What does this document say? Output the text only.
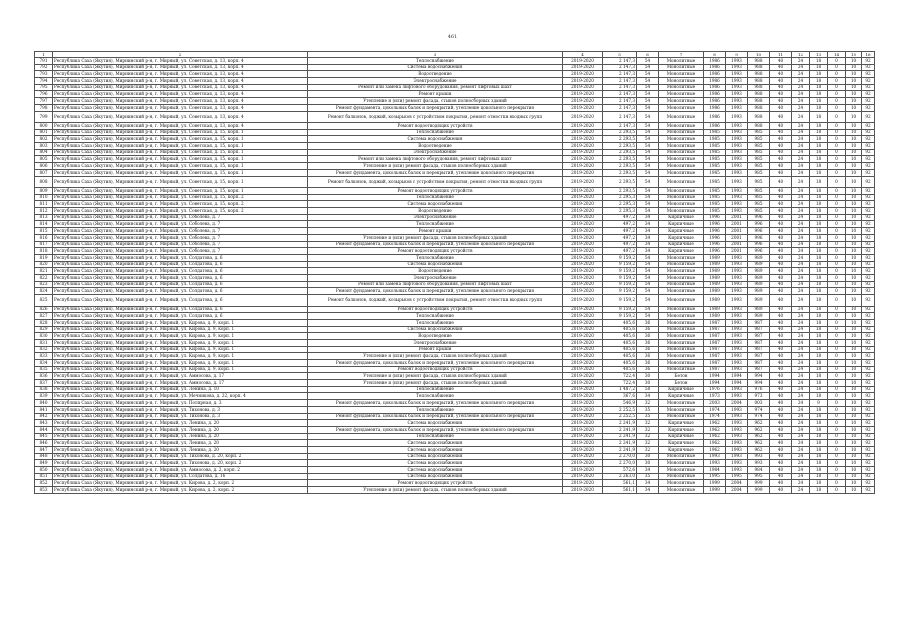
461
1	2	3	4	5	6	7	8	9	10	11	12	13	14	15	16
791	Республика Саха (Якутия), Мирнинский р-н, г. Мирный, ул. Советская, д. 13, корп. 4	Теплоснабжение	2019-2020	2 147,3	54	Монолитные	1986	1993	988	40	24	18	0	10	92
792	Республика Саха (Якутия), Мирнинский р-н, г. Мирный, ул. Советская, д. 13, корп. 4	Система водоснабжения	2019-2020	2 147,3	54	Монолитные	1986	1993	988	40	24	18	0	10	92
793	Республика Саха (Якутия), Мирнинский р-н, г. Мирный, ул. Советская, д. 13, корп. 4	Водоотведение	2019-2020	2 147,3	54	Монолитные	1986	1993	988	40	24	18	0	10	92
794	Республика Саха (Якутия), Мирнинский р-н, г. Мирный, ул. Советская, д. 13, корп. 4	Электроснабжение	2019-2020	2 147,3	54	Монолитные	1986	1993	988	40	24	18	0	10	92
795	Республика Саха (Якутия), Мирнинский р-н, г. Мирный, ул. Советская, д. 13, корп. 4	Ремонт или замена лифтового оборудования, ремонт лифтовых шахт	2019-2020	2 147,3	54	Монолитные	1986	1993	988	40	24	18	0	10	92
796	Республика Саха (Якутия), Мирнинский р-н, г. Мирный, ул. Советская, д. 13, корп. 4	Ремонт крыши	2019-2020	2 147,3	54	Монолитные	1986	1993	988	40	24	18	0	10	92
797	Республика Саха (Якутия), Мирнинский р-н, г. Мирный, ул. Советская, д. 13, корп. 4	Утепление и (или) ремонт фасада, стыков полносборных зданий	2019-2020	2 147,3	54	Монолитные	1986	1993	988	40	24	18	0	10	92
798	Республика Саха (Якутия), Мирнинский р-н, г. Мирный, ул. Советская, д. 13, корп. 4	Ремонт фундамента, цокольных балок и перекрытий, утепление цокольного перекрытия	2019-2020	2 147,3	54	Монолитные	1986	1993	988	40	24	18	0	10	92
799	Республика Саха (Якутия), Мирнинский р-н, г. Мирный, ул. Советская, д. 13, корп. 4	Ремонт балконов, лоджий, козырьков с устройством покрытия, ремонт отмостки входных групп	2019-2020	2 147,3	54	Монолитные	1986	1993	988	40	24	18	0	10	92
800	Республика Саха (Якутия), Мирнинский р-н, г. Мирный, ул. Советская, д. 13, корп. 4	Ремонт водоотводящих устройств	2019-2020	2 147,3	54	Монолитные	1986	1993	988	40	24	18	0	10	92
801	Республика Саха (Якутия), Мирнинский р-н, г. Мирный, ул. Советская, д. 15, корп. 1	Теплоснабжение	2019-2020	2 293,5	54	Монолитные	1985	1993	985	40	24	18	0	10	92
802	Республика Саха (Якутия), Мирнинский р-н, г. Мирный, ул. Советская, д. 15, корп. 1	Система водоснабжения	2019-2020	2 293,5	54	Монолитные	1985	1993	985	40	24	18	0	10	92
803	Республика Саха (Якутия), Мирнинский р-н, г. Мирный, ул. Советская, д. 15, корп. 1	Водоотведение	2019-2020	2 293,5	54	Монолитные	1985	1993	985	40	24	18	0	10	92
804	Республика Саха (Якутия), Мирнинский р-н, г. Мирный, ул. Советская, д. 15, корп. 1	Электроснабжение	2019-2020	2 293,5	54	Монолитные	1985	1993	985	40	24	18	0	10	92
805	Республика Саха (Якутия), Мирнинский р-н, г. Мирный, ул. Советская, д. 15, корп. 1	Ремонт или замена лифтового оборудования, ремонт лифтовых шахт	2019-2020	2 293,5	54	Монолитные	1985	1993	985	40	24	18	0	10	92
806	Республика Саха (Якутия), Мирнинский р-н, г. Мирный, ул. Советская, д. 15, корп. 1	Утепление и (или) ремонт фасада, стыков полносборных зданий	2019-2020	2 293,5	54	Монолитные	1985	1993	985	40	24	18	0	10	92
807	Республика Саха (Якутия), Мирнинский р-н, г. Мирный, ул. Советская, д. 15, корп. 1	Ремонт фундамента, цокольных балок и перекрытий, утепление цокольного перекрытия	2019-2020	2 293,5	54	Монолитные	1985	1993	985	40	24	18	0	10	92
808	Республика Саха (Якутия), Мирнинский р-н, г. Мирный, ул. Советская, д. 15, корп. 1	Ремонт балконов, лоджий, козырьков с устройством покрытия, ремонт отмостки входных групп	2019-2020	2 293,5	54	Монолитные	1985	1993	985	40	24	18	0	10	92
809	Республика Саха (Якутия), Мирнинский р-н, г. Мирный, ул. Советская, д. 15, корп. 1	Ремонт водоотводящих устройств	2019-2020	2 293,5	54	Монолитные	1985	1993	985	40	24	18	0	10	92
810	Республика Саха (Якутия), Мирнинский р-н, г. Мирный, ул. Советская, д. 15, корп. 2	Теплоснабжение	2019-2020	2 295,3	54	Монолитные	1985	1993	985	40	24	18	0	10	92
811	Республика Саха (Якутия), Мирнинский р-н, г. Мирный, ул. Советская, д. 15, корп. 2	Система водоснабжения	2019-2020	2 295,3	54	Монолитные	1985	1993	985	40	24	18	0	10	92
812	Республика Саха (Якутия), Мирнинский р-н, г. Мирный, ул. Советская, д. 15, корп. 2	Водоотведение	2019-2020	2 295,3	54	Монолитные	1985	1993	985	40	24	18	0	10	92
813	Республика Саха (Якутия), Мирнинский р-н, г. Мирный, ул. Соболева, д. 7	Электроснабжение	2019-2020	497,2	34	Кирпичные	1996	2001	996	40	24	18	0	10	92
814	Республика Саха (Якутия), Мирнинский р-н, г. Мирный, ул. Соболева, д. 7	Теплоснабжение	2019-2020	497,2	34	Кирпичные	1996	2001	996	40	24	18	0	10	92
815	Республика Саха (Якутия), Мирнинский р-н, г. Мирный, ул. Соболева, д. 7	Ремонт крыши	2019-2020	497,2	34	Кирпичные	1996	2001	996	40	24	18	0	10	92
816	Республика Саха (Якутия), Мирнинский р-н, г. Мирный, ул. Соболева, д. 7	Утепление и (или) ремонт фасада, стыков полносборных зданий	2019-2020	497,2	34	Кирпичные	1996	2001	996	40	24	18	0	10	92
817	Республика Саха (Якутия), Мирнинский р-н, г. Мирный, ул. Соболева, д. 7	Ремонт фундамента, цокольных балок и перекрытий, утепление цокольного перекрытия	2019-2020	497,2	34	Кирпичные	1996	2001	996	40	24	18	0	10	92
818	Республика Саха (Якутия), Мирнинский р-н, г. Мирный, ул. Соболева, д. 7	Ремонт водоотводящих устройств	2019-2020	497,2	34	Кирпичные	1996	2001	996	40	24	18	0	10	92
819	Республика Саха (Якутия), Мирнинский р-н, г. Мирный, ул. Солдатова, д. 6	Теплоснабжение	2019-2020	9 159,2	54	Монолитные	1989	1993	989	40	24	18	0	10	92
820	Республика Саха (Якутия), Мирнинский р-н, г. Мирный, ул. Солдатова, д. 6	Система водоснабжения	2019-2020	9 159,2	54	Монолитные	1989	1993	989	40	24	18	0	10	92
821	Республика Саха (Якутия), Мирнинский р-н, г. Мирный, ул. Солдатова, д. 6	Водоотведение	2019-2020	9 159,2	54	Монолитные	1989	1993	989	40	24	18	0	10	92
822	Республика Саха (Якутия), Мирнинский р-н, г. Мирный, ул. Солдатова, д. 6	Электроснабжение	2019-2020	9 159,2	54	Монолитные	1989	1993	989	40	24	18	0	10	92
823	Республика Саха (Якутия), Мирнинский р-н, г. Мирный, ул. Солдатова, д. 6	Ремонт или замена лифтового оборудования, ремонт лифтовых шахт	2019-2020	9 159,2	54	Монолитные	1989	1993	989	40	24	18	0	10	92
824	Республика Саха (Якутия), Мирнинский р-н, г. Мирный, ул. Солдатова, д. 6	Ремонт фундамента, цокольных балок и перекрытий, утепление цокольного перекрытия	2019-2020	9 159,2	54	Монолитные	1989	1993	989	40	24	18	0	10	92
825	Республика Саха (Якутия), Мирнинский р-н, г. Мирный, ул. Солдатова, д. 6	Ремонт балконов, лоджий, козырьков с устройством покрытия, ремонт отмостки входных групп	2019-2020	9 159,2	54	Монолитные	1989	1993	989	40	24	18	0	10	92
826	Республика Саха (Якутия), Мирнинский р-н, г. Мирный, ул. Солдатова, д. 6	Ремонт водоотводящих устройств	2019-2020	9 159,2	54	Монолитные	1989	1993	989	40	24	18	0	10	92
827	Республика Саха (Якутия), Мирнинский р-н, г. Мирный, ул. Солдатова, д. 6	Теплоснабжение	2019-2020	9 159,2	54	Монолитные	1989	1993	989	40	24	18	0	10	92
828	Республика Саха (Якутия), Мирнинский р-н, г. Мирный, ул. Кирова, д. 9, корп. 1	Теплоснабжение	2019-2020	405,6	36	Монолитные	1987	1993	987	40	24	18	0	10	92
829	Республика Саха (Якутия), Мирнинский р-н, г. Мирный, ул. Кирова, д. 9, корп. 1	Система водоснабжения	2019-2020	405,6	36	Монолитные	1987	1993	987	40	24	18	0	10	92
830	Республика Саха (Якутия), Мирнинский р-н, г. Мирный, ул. Кирова, д. 9, корп. 1	Водоотведение	2019-2020	405,6	36	Монолитные	1987	1993	987	40	24	18	0	10	92
831	Республика Саха (Якутия), Мирнинский р-н, г. Мирный, ул. Кирова, д. 9, корп. 1	Электроснабжение	2019-2020	405,6	36	Монолитные	1987	1993	987	40	24	18	0	10	92
832	Республика Саха (Якутия), Мирнинский р-н, г. Мирный, ул. Кирова, д. 9, корп. 1	Ремонт крыши	2019-2020	405,6	36	Монолитные	1987	1993	987	40	24	18	0	10	92
833	Республика Саха (Якутия), Мирнинский р-н, г. Мирный, ул. Кирова, д. 9, корп. 1	Утепление и (или) ремонт фасада, стыков полносборных зданий	2019-2020	405,6	36	Монолитные	1987	1993	987	40	24	18	0	10	92
834	Республика Саха (Якутия), Мирнинский р-н, г. Мирный, ул. Кирова, д. 9, корп. 1	Ремонт фундамента, цокольных балок и перекрытий, утепление цокольного перекрытия	2019-2020	405,6	36	Монолитные	1987	1993	987	40	24	18	0	10	92
835	Республика Саха (Якутия), Мирнинский р-н, г. Мирный, ул. Кирова, д. 9, корп. 1	Ремонт водоотводящих устройств	2019-2020	405,6	36	Монолитные	1987	1993	987	40	24	18	0	10	92
836	Республика Саха (Якутия), Мирнинский р-н, г. Мирный, ул. Аммосова, д. 17	Утепление и (или) ремонт фасада, стыков полносборных зданий	2019-2020	722,4	30	Бетон	1994	1994	994	40	24	18	0	10	92
837	Республика Саха (Якутия), Мирнинский р-н, г. Мирный, ул. Аммосова, д. 17	Утепление и (или) ремонт фасада, стыков полносборных зданий	2019-2020	722,4	30	Бетон	1994	1994	994	40	24	18	0	10	92
838	Республика Саха (Якутия), Мирнинский р-н, г. Мирный, ул. Ленина, д. 10	Теплоснабжение	2019-2020	1 487,2	58	Кирпичные	1976	1993	976	40	24	18	0	10	92
839	Республика Саха (Якутия), Мирнинский р-н, г. Мирный, ул. Мечникова, д. 22, корп. 4	Теплоснабжение	2019-2020	367,6	34	Кирпичные	1973	1993	973	40	24	18	0	10	92
840	Республика Саха (Якутия), Мирнинский р-н, г. Мирный, ул. Полярная, д. 3	Ремонт фундамента, цокольных балок и перекрытий, утепление цокольного перекрытия	2019-2020	546,9	32	Монолитные	2003	2004	003	40	24	9	0	10	92
841	Республика Саха (Якутия), Мирнинский р-н, г. Мирный, ул. Тихонова, д. 3	Теплоснабжение	2019-2020	2 252,5	35	Монолитные	1974	1993	974	40	24	18	0	10	92
842	Республика Саха (Якутия), Мирнинский р-н, г. Мирный, ул. Тихонова, д. 3	Ремонт фундамента, цокольных балок и перекрытий, утепление цокольного перекрытия	2019-2020	2 252,5	35	Монолитные	1974	1993	974	40	24	18	0	10	92
843	Республика Саха (Якутия), Мирнинский р-н, г. Мирный, ул. Ленина, д. 20	Система водоснабжения	2019-2020	2 241,9	32	Кирпичные	1962	1993	962	40	24	18	0	10	92
844	Республика Саха (Якутия), Мирнинский р-н, г. Мирный, ул. Ленина, д. 20	Ремонт фундамента, цокольных балок и перекрытий, утепление цокольного перекрытия	2019-2020	2 241,9	32	Кирпичные	1962	1993	962	40	24	18	0	10	92
845	Республика Саха (Якутия), Мирнинский р-н, г. Мирный, ул. Ленина, д. 20	Теплоснабжение	2019-2020	2 241,9	32	Кирпичные	1962	1993	962	40	24	18	0	10	92
846	Республика Саха (Якутия), Мирнинский р-н, г. Мирный, ул. Ленина, д. 20	Система водоснабжения	2019-2020	2 241,9	32	Кирпичные	1962	1993	962	40	24	18	0	10	92
847	Республика Саха (Якутия), Мирнинский р-н, г. Мирный, ул. Ленина, д. 20	Система водоснабжения	2019-2020	2 241,9	32	Кирпичные	1962	1993	962	40	24	18	0	10	92
848	Республика Саха (Якутия), Мирнинский р-н, г. Мирный, ул. Тихонова, д. 20, корп. 2	Система водоснабжения	2019-2020	2 270,0	30	Монолитные	1993	1993	993	40	24	18	0	10	92
849	Республика Саха (Якутия), Мирнинский р-н, г. Мирный, ул. Тихонова, д. 20, корп. 2	Система водоснабжения	2019-2020	2 270,0	30	Монолитные	1993	1993	993	40	24	18	0	10	92
850	Республика Саха (Якутия), Мирнинский р-н, г. Мирный, ул. Аммосова, д. 2, корп. 2	Система водоснабжения	2019-2020	572,6	34	Монолитные	1984	1993	984	40	24	18	0	10	92
851	Республика Саха (Якутия), Мирнинский р-н, г. Мирный, ул. Солдатова, д. 16	Система водоснабжения	2019-2020	2 263,0	35	Монолитные	1995	1995	995	40	24	18	0	10	92
852	Республика Саха (Якутия), Мирнинский р-н, г. Мирный, ул. Кирова, д. 2, корп. 2	Ремонт водоотводящих устройств	2019-2020	561,1	34	Монолитные	1999	2004	999	40	24	18	0	10	92
853	Республика Саха (Якутия), Мирнинский р-н, г. Мирный, ул. Кирова, д. 2, корп. 2	Утепление и (или) ремонт фасада, стыков полносборных зданий	2019-2020	561,1	34	Монолитные	1999	2004	999	40	24	18	0	10	92
